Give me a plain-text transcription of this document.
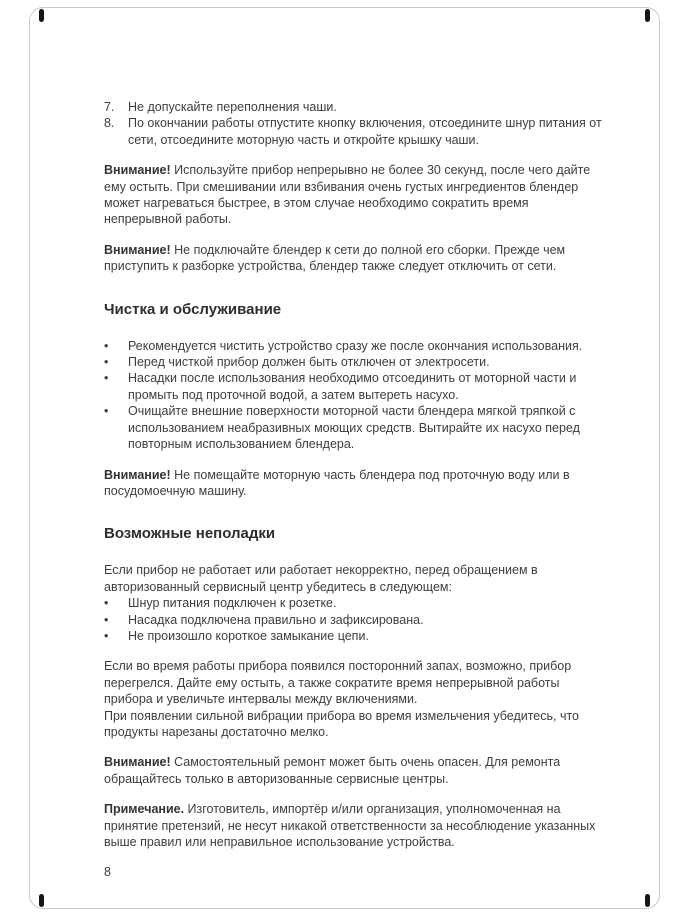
7.	Не допускайте переполнения чаши.
8.	По окончании работы отпустите кнопку включения, отсоедините шнур питания от сети, отсоедините моторную часть и откройте крышку чаши.

Внимание! Используйте прибор непрерывно не более 30 секунд, после чего дайте ему остыть. При смешивании или взбивания очень густых ингредиентов блендер может нагреваться быстрее, в этом случае необходимо сократить время непрерывной работы.

Внимание! Не подключайте блендер к сети до полной его сборки. Прежде чем приступить к разборке устройства, блендер также следует отключить от сети.

Чистка и обслуживание
•	Рекомендуется чистить устройство сразу же после окончания использования.
•	Перед чисткой прибор должен быть отключен от электросети.
•	Насадки после использования необходимо отсоединить от моторной части и промыть под проточной водой, а затем вытереть насухо.
•	Очищайте внешние поверхности моторной части блендера мягкой тряпкой с использованием неабразивных моющих средств. Вытирайте их насухо перед повторным использованием блендера.

Внимание! Не помещайте моторную часть блендера под проточную воду или в посудомоечную машину.

Возможные неполадки

Если прибор не работает или работает некорректно, перед обращением в авторизованный сервисный центр убедитесь в следующем:

•	Шнур питания подключен к розетке.
•	Насадка подключена правильно и зафиксирована.
•	Не произошло короткое замыкание цепи.

Если во время работы прибора появился посторонний запах, возможно, прибор перегрелся. Дайте ему остыть, а также сократите время непрерывной работы прибора и увеличьте интервалы между включениями.

При появлении сильной вибрации прибора во время измельчения убедитесь, что продукты нарезаны достаточно мелко.

Внимание! Самостоятельный ремонт может быть очень опасен. Для ремонта обращайтесь только в авторизованные сервисные центры.

Примечание. Изготовитель, импортёр и/или организация, уполномоченная на принятие претензий, не несут никакой ответственности за несоблюдение указанных выше правил или неправильное использование устройства.

8
